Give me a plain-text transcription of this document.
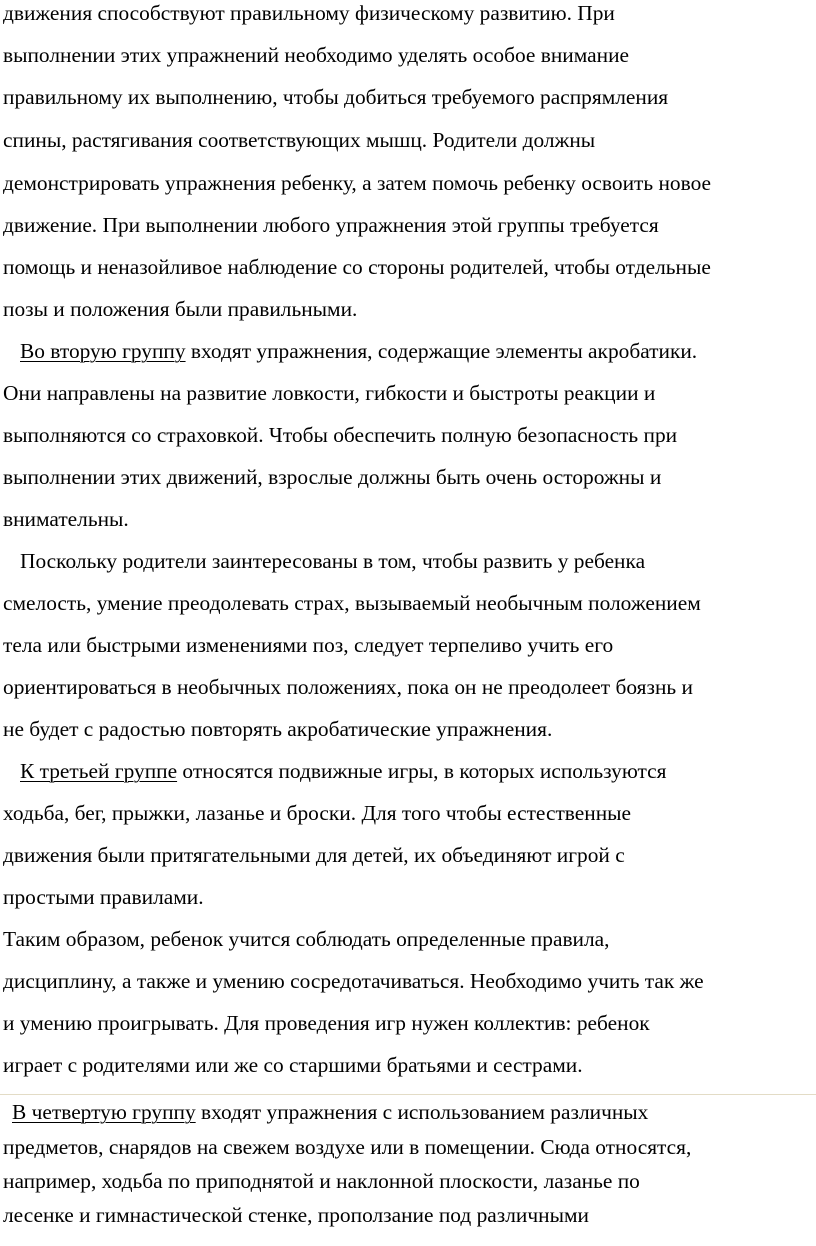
движения способствуют правильному физическому развитию. При
выполнении этих упражнений необходимо уделять особое внимание
правильному их выполнению, чтобы добиться требуемого распрямления
спины, растягивания соответствующих мышц. Родители должны
демонстрировать упражнения ребенку, а затем помочь ребенку освоить новое
движение. При выполнении любого упражнения этой группы требуется
помощь и неназойливое наблюдение со стороны родителей, чтобы отдельные
позы и положения были правильными.
Во вторую группу входят упражнения, содержащие элементы акробатики.
Они направлены на развитие ловкости, гибкости и быстроты реакции и
выполняются со страховкой. Чтобы обеспечить полную безопасность при
выполнении этих движений, взрослые должны быть очень осторожны и
внимательны.
Поскольку родители заинтересованы в том, чтобы развить у ребенка
смелость, умение преодолевать страх, вызываемый необычным положением
тела или быстрыми изменениями поз, следует терпеливо учить его
ориентироваться в необычных положениях, пока он не преодолеет боязнь и
не будет с радостью повторять акробатические упражнения.
К третьей группе относятся подвижные игры, в которых используются
ходьба, бег, прыжки, лазанье и броски. Для того чтобы естественные
движения были притягательными для детей, их объединяют игрой с
простыми правилами.
Таким образом, ребенок учится соблюдать определенные правила,
дисциплину, а также и умению сосредотачиваться. Необходимо учить так же
и умению проигрывать. Для проведения игр нужен коллектив: ребенок
играет с родителями или же со старшими братьями и сестрами.
В четвертую группу входят упражнения с использованием различных
предметов, снарядов на свежем воздухе или в помещении. Сюда относятся,
например, ходьба по приподнятой и наклонной плоскости, лазанье по
лесенке и гимнастической стенке, проползание под различными
